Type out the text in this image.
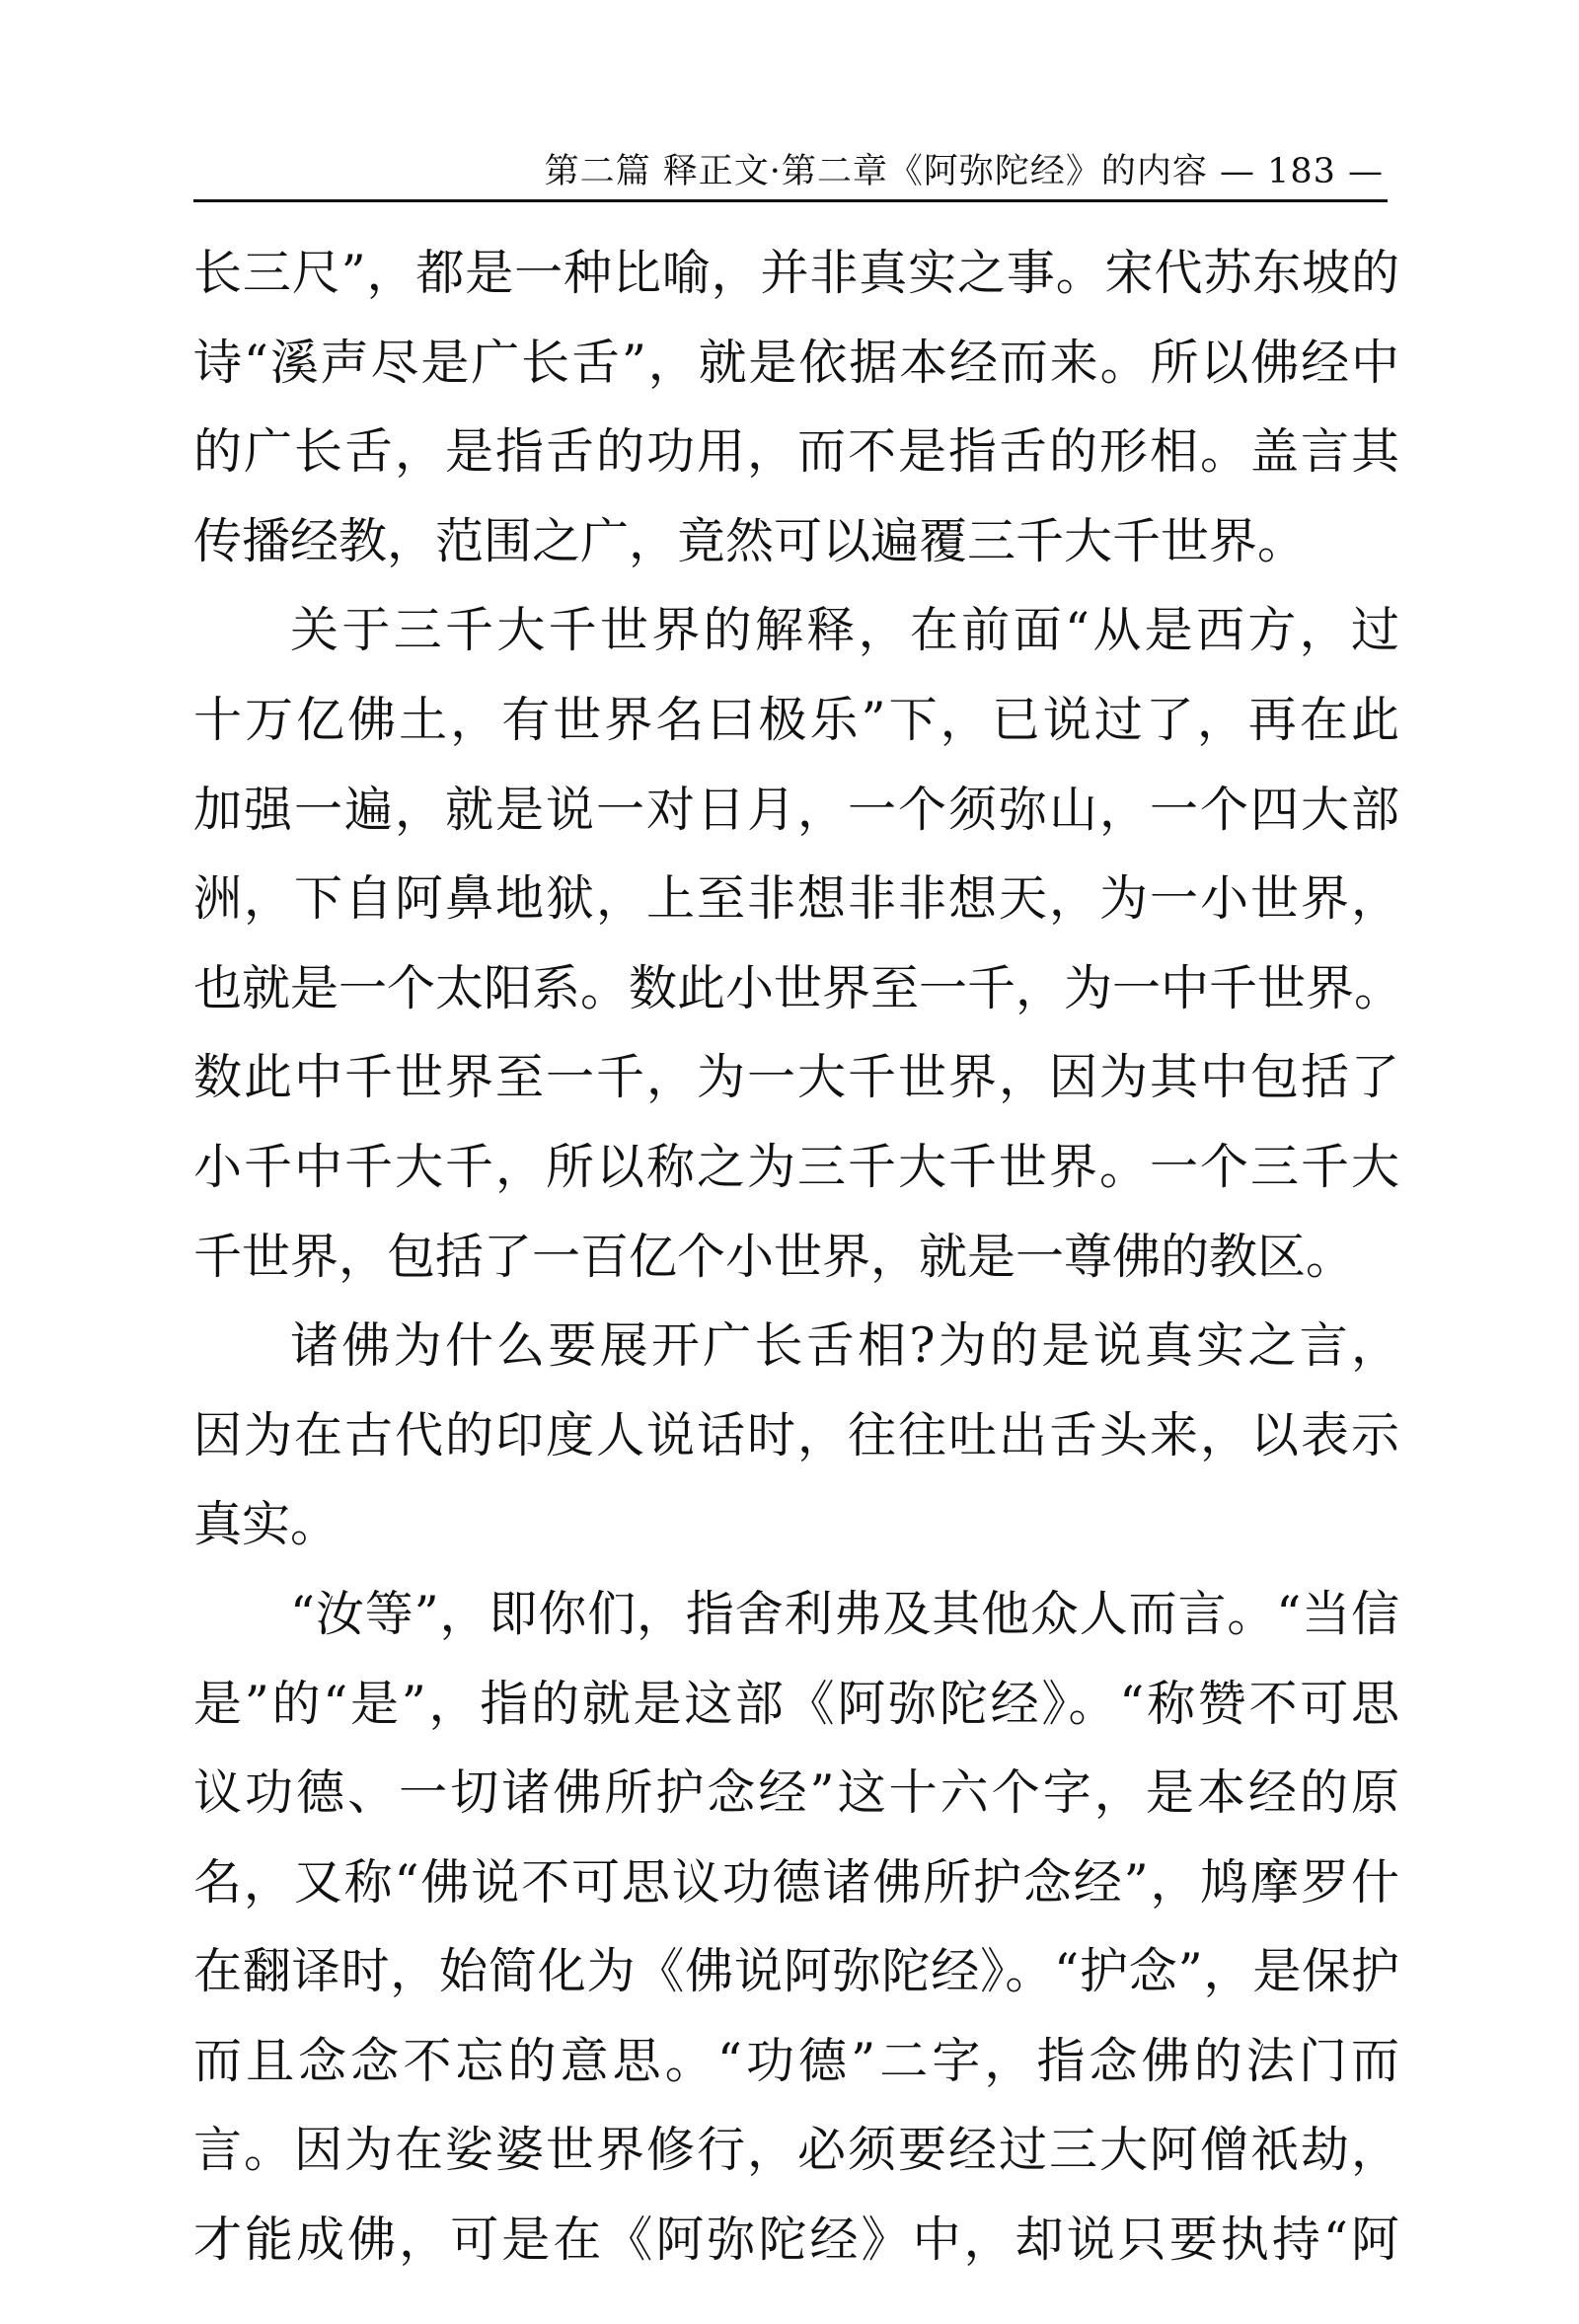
第二篇 释正文·第二章《阿弥陀经》的内容 — 183 —
长三尺”，都是一种比喻，并非真实之事。宋代苏东坡的
诗“溪声尽是广长舌”，就是依据本经而来。所以佛经中
的广长舌，是指舌的功用，而不是指舌的形相。盖言其
传播经教，范围之广，竟然可以遍覆三千大千世界。
关于三千大千世界的解释，在前面“从是西方，过
十万亿佛土，有世界名曰极乐”下，已说过了，再在此
加强一遍，就是说一对日月，一个须弥山，一个四大部
洲，下自阿鼻地狱，上至非想非非想天，为一小世界，
也就是一个太阳系。数此小世界至一千，为一中千世界。
数此中千世界至一千，为一大千世界，因为其中包括了
小千中千大千，所以称之为三千大千世界。一个三千大
千世界，包括了一百亿个小世界，就是一尊佛的教区。
诸佛为什么要展开广长舌相?为的是说真实之言，
因为在古代的印度人说话时，往往吐出舌头来，以表示
真实。
“汝等”，即你们，指舍利弗及其他众人而言。“当信
是”的“是”，指的就是这部《阿弥陀经》。“称赞不可思
议功德、一切诸佛所护念经”这十六个字，是本经的原
名，又称“佛说不可思议功德诸佛所护念经”，鸠摩罗什
在翻译时，始简化为《佛说阿弥陀经》。“护念”，是保护
而且念念不忘的意思。“功德”二字，指念佛的法门而
言。因为在娑婆世界修行，必须要经过三大阿僧祇劫，
才能成佛，可是在《阿弥陀经》中，却说只要执持“阿
